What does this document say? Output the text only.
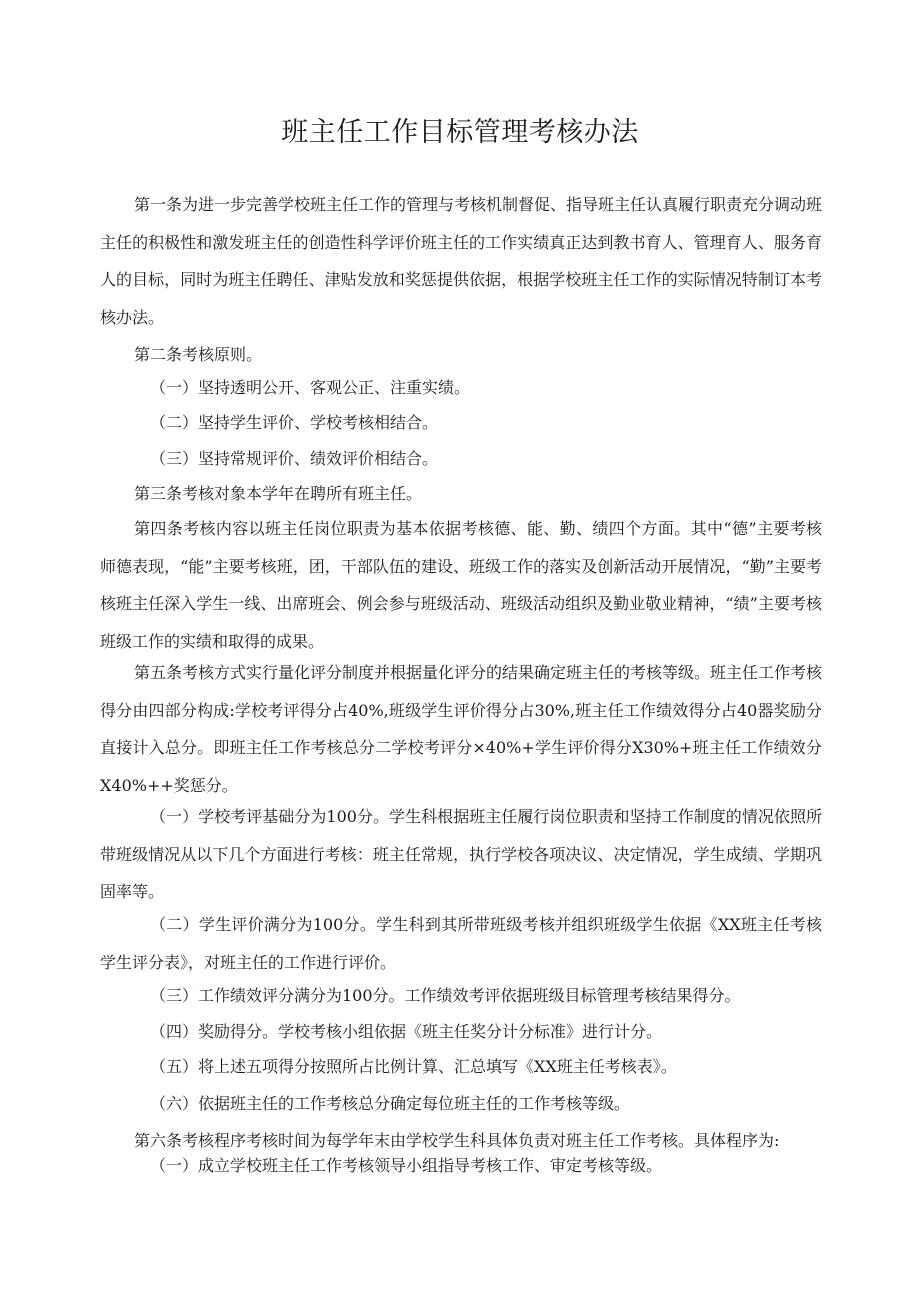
班主任工作目标管理考核办法

第一条为进一步完善学校班主任工作的管理与考核机制督促、指导班主任认真履行职责充分调动班主任的积极性和激发班主任的创造性科学评价班主任的工作实绩真正达到教书育人、管理育人、服务育人的目标，同时为班主任聘任、津贴发放和奖惩提供依据，根据学校班主任工作的实际情况特制订本考核办法。

第二条考核原则。

（一）坚持透明公开、客观公正、注重实绩。

（二）坚持学生评价、学校考核相结合。

（三）坚持常规评价、绩效评价相结合。

第三条考核对象本学年在聘所有班主任。

第四条考核内容以班主任岗位职责为基本依据考核德、能、勤、绩四个方面。其中“德”主要考核师德表现，“能”主要考核班，团，干部队伍的建设、班级工作的落实及创新活动开展情况，“勤”主要考核班主任深入学生一线、出席班会、例会参与班级活动、班级活动组织及勤业敬业精神，“绩”主要考核班级工作的实绩和取得的成果。

第五条考核方式实行量化评分制度并根据量化评分的结果确定班主任的考核等级。班主任工作考核得分由四部分构成:学校考评得分占40%,班级学生评价得分占30%,班主任工作绩效得分占40器奖励分直接计入总分。即班主任工作考核总分二学校考评分×40%+学生评价得分X30%+班主任工作绩效分X40%++奖惩分。

（一）学校考评基础分为100分。学生科根据班主任履行岗位职责和坚持工作制度的情况依照所带班级情况从以下几个方面进行考核：班主任常规，执行学校各项决议、决定情况，学生成绩、学期巩固率等。

（二）学生评价满分为100分。学生科到其所带班级考核并组织班级学生依据《XX班主任考核学生评分表》，对班主任的工作进行评价。

（三）工作绩效评分满分为100分。工作绩效考评依据班级目标管理考核结果得分。

（四）奖励得分。学校考核小组依据《班主任奖分计分标准》进行计分。

（五）将上述五项得分按照所占比例计算、汇总填写《XX班主任考核表》。

（六）依据班主任的工作考核总分确定每位班主任的工作考核等级。

第六条考核程序考核时间为每学年末由学校学生科具体负责对班主任工作考核。具体程序为:

（一）成立学校班主任工作考核领导小组指导考核工作、审定考核等级。
